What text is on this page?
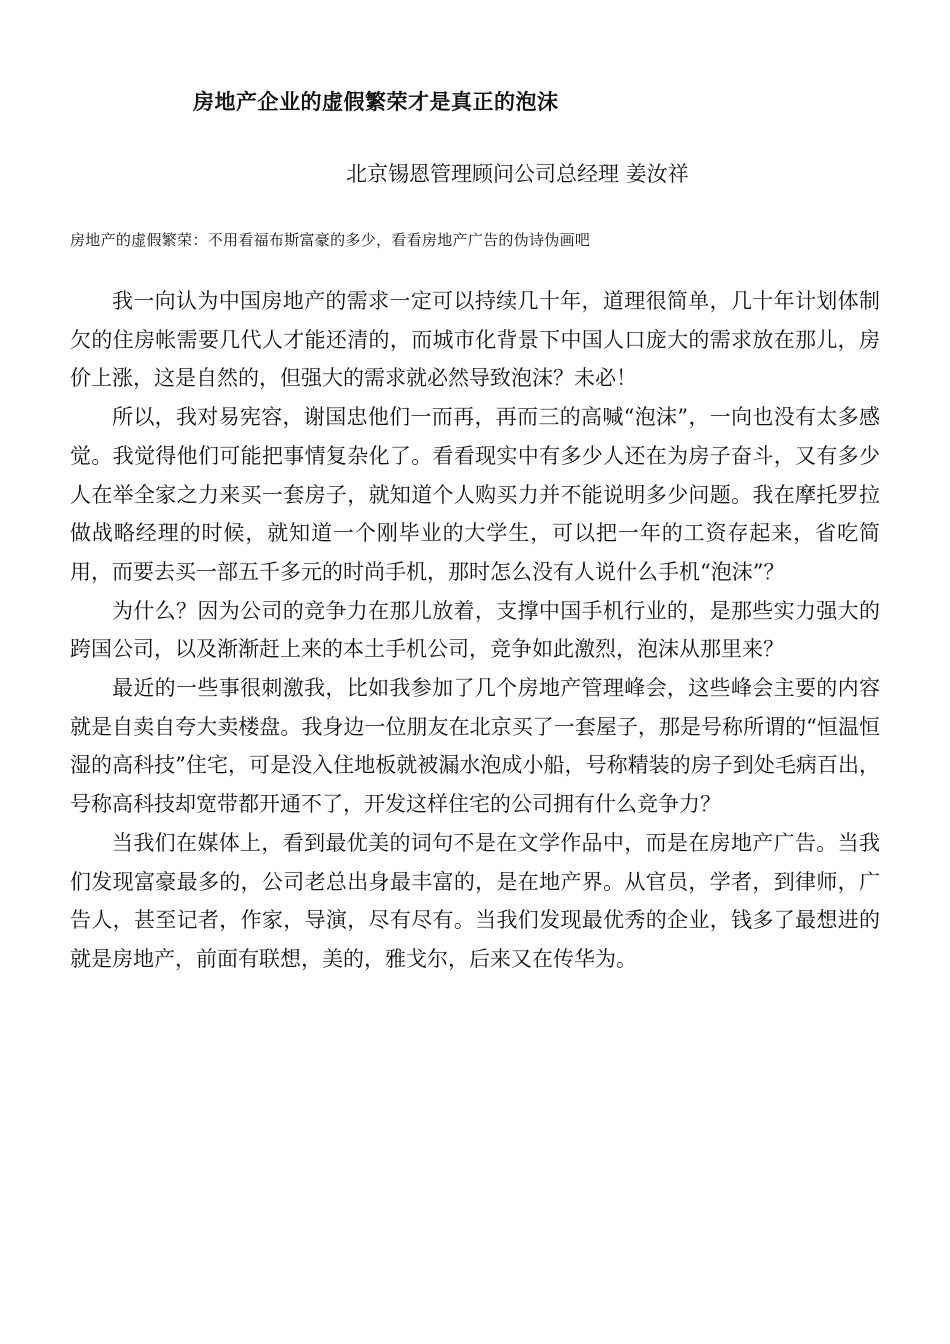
房地产企业的虚假繁荣才是真正的泡沫
北京锡恩管理顾问公司总经理 姜汝祥
房地产的虚假繁荣：不用看福布斯富豪的多少，看看房地产广告的伪诗伪画吧

我一向认为中国房地产的需求一定可以持续几十年，道理很简单，几十年计划体制欠的住房帐需要几代人才能还清的，而城市化背景下中国人口庞大的需求放在那儿，房价上涨，这是自然的，但强大的需求就必然导致泡沫？未必！

所以，我对易宪容，谢国忠他们一而再，再而三的高喊“泡沫”，一向也没有太多感觉。我觉得他们可能把事情复杂化了。看看现实中有多少人还在为房子奋斗，又有多少人在举全家之力来买一套房子，就知道个人购买力并不能说明多少问题。我在摩托罗拉做战略经理的时候，就知道一个刚毕业的大学生，可以把一年的工资存起来，省吃简用，而要去买一部五千多元的时尚手机，那时怎么没有人说什么手机“泡沫”？

为什么？因为公司的竞争力在那儿放着，支撑中国手机行业的，是那些实力强大的跨国公司，以及渐渐赶上来的本土手机公司，竞争如此激烈，泡沫从那里来？

最近的一些事很刺激我，比如我参加了几个房地产管理峰会，这些峰会主要的内容就是自卖自夸大卖楼盘。我身边一位朋友在北京买了一套屋子，那是号称所谓的“恒温恒湿的高科技”住宅，可是没入住地板就被漏水泡成小船，号称精装的房子到处毛病百出，号称高科技却宽带都开通不了，开发这样住宅的公司拥有什么竞争力？

当我们在媒体上，看到最优美的词句不是在文学作品中，而是在房地产广告。当我们发现富豪最多的，公司老总出身最丰富的，是在地产界。从官员，学者，到律师，广告人，甚至记者，作家，导演，尽有尽有。当我们发现最优秀的企业，钱多了最想进的就是房地产，前面有联想，美的，雅戈尔，后来又在传华为。
